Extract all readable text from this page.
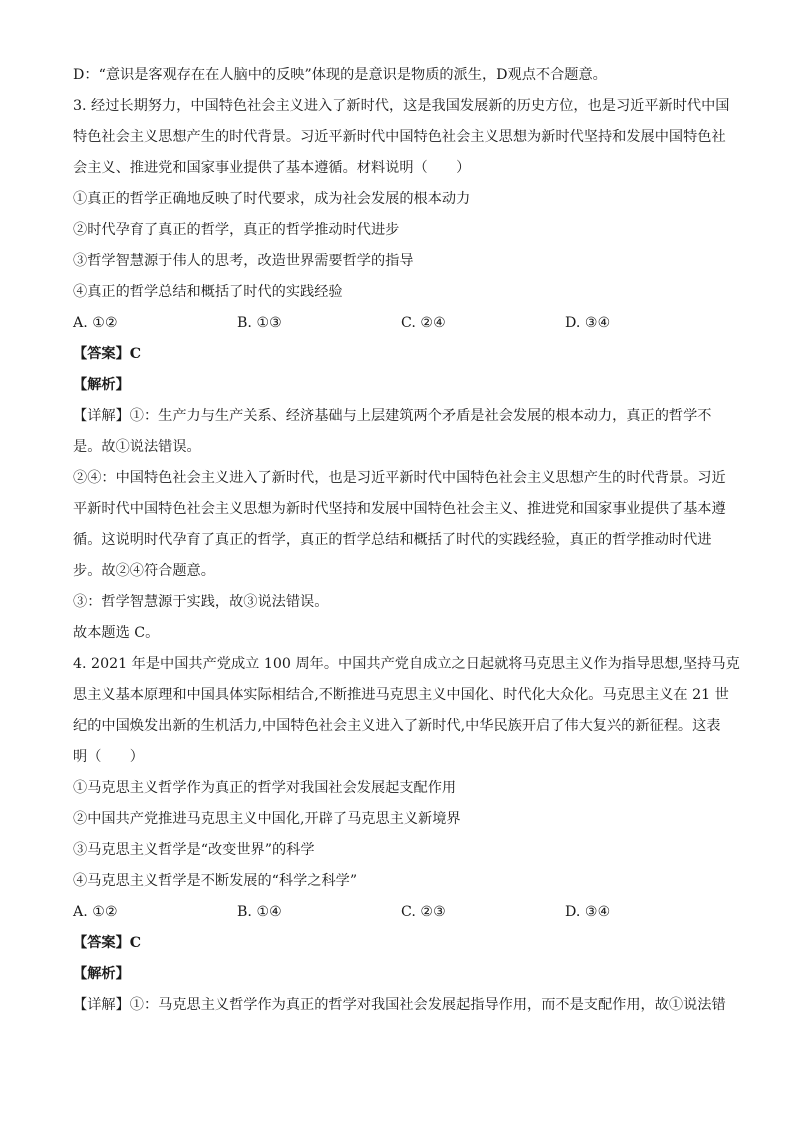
D：“意识是客观存在在人脑中的反映”体现的是意识是物质的派生，D观点不合题意。
3. 经过长期努力，中国特色社会主义进入了新时代，这是我国发展新的历史方位，也是习近平新时代中国
特色社会主义思想产生的时代背景。习近平新时代中国特色社会主义思想为新时代坚持和发展中国特色社
会主义、推进党和国家事业提供了基本遵循。材料说明（　　）
①真正的哲学正确地反映了时代要求，成为社会发展的根本动力
②时代孕育了真正的哲学，真正的哲学推动时代进步
③哲学智慧源于伟人的思考，改造世界需要哲学的指导
④真正的哲学总结和概括了时代的实践经验
A. ①②	B. ①③	C. ②④	D. ③④
【答案】C
【解析】
【详解】①：生产力与生产关系、经济基础与上层建筑两个矛盾是社会发展的根本动力，真正的哲学不
是。故①说法错误。
②④：中国特色社会主义进入了新时代，也是习近平新时代中国特色社会主义思想产生的时代背景。习近
平新时代中国特色社会主义思想为新时代坚持和发展中国特色社会主义、推进党和国家事业提供了基本遵
循。这说明时代孕育了真正的哲学，真正的哲学总结和概括了时代的实践经验，真正的哲学推动时代进
步。故②④符合题意。
③：哲学智慧源于实践，故③说法错误。
故本题选 C。
4. 2021 年是中国共产党成立 100 周年。中国共产党自成立之日起就将马克思主义作为指导思想,坚持马克
思主义基本原理和中国具体实际相结合,不断推进马克思主义中国化、时代化大众化。马克思主义在 21 世
纪的中国焕发出新的生机活力,中国特色社会主义进入了新时代,中华民族开启了伟大复兴的新征程。这表
明（　　）
①马克思主义哲学作为真正的哲学对我国社会发展起支配作用
②中国共产党推进马克思主义中国化,开辟了马克思主义新境界
③马克思主义哲学是“改变世界”的科学
④马克思主义哲学是不断发展的“科学之科学”
A. ①②	B. ①④	C. ②③	D. ③④
【答案】C
【解析】
【详解】①：马克思主义哲学作为真正的哲学对我国社会发展起指导作用，而不是支配作用，故①说法错
